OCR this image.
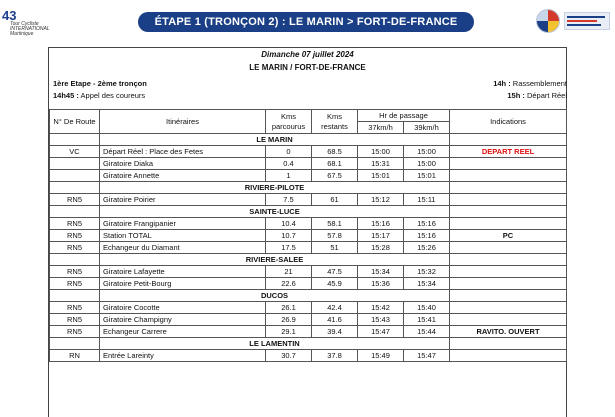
43
Tour Cycliste
INTERNATIONAL
Martinique
ÉTAPE 1 (TRONÇON 2) : LE MARIN > FORT-DE-FRANCE
Dimanche 07 juillet 2024
LE MARIN / FORT-DE-FRANCE
1ère Etape - 2ème tronçon	14h : Rassemblement
14h45 : Appel des coureurs	15h : Départ Réel
N° De Route	Itinéraires	Kms parcourus	Kms restants	Hr de passage		Indications
				37km/h	39km/h	
	LE MARIN					
VC	Départ Réel : Place des Fetes	0	68.5	15:00	15:00	DEPART REEL
	Giratoire Diaka	0.4	68.1	15:31	15:00	
	Giratoire Annette	1	67.5	15:01	15:01	
	RIVIERE-PILOTE					
RN5	Giratoire Poirier	7.5	61	15:12	15:11	
	SAINTE-LUCE					
RN5	Giratoire Frangipanier	10.4	58.1	15:16	15:16	
RN5	Station TOTAL	10.7	57.8	15:17	15:16	PC
RN5	Echangeur du Diamant	17.5	51	15:28	15:26	
	RIVIERE-SALEE					
RN5	Giratoire Lafayette	21	47.5	15:34	15:32	
RN5	Giratoire Petit-Bourg	22.6	45.9	15:36	15:34	
	DUCOS					
RN5	Giratoire Cocotte	26.1	42.4	15:42	15:40	
RN5	Giratoire Champigny	26.9	41.6	15:43	15:41	
RN5	Echangeur Carrere	29.1	39.4	15:47	15:44	RAVITO. OUVERT
	LE LAMENTIN					
RN	Entrée Lareinty	30.7	37.8	15:49	15:47	
